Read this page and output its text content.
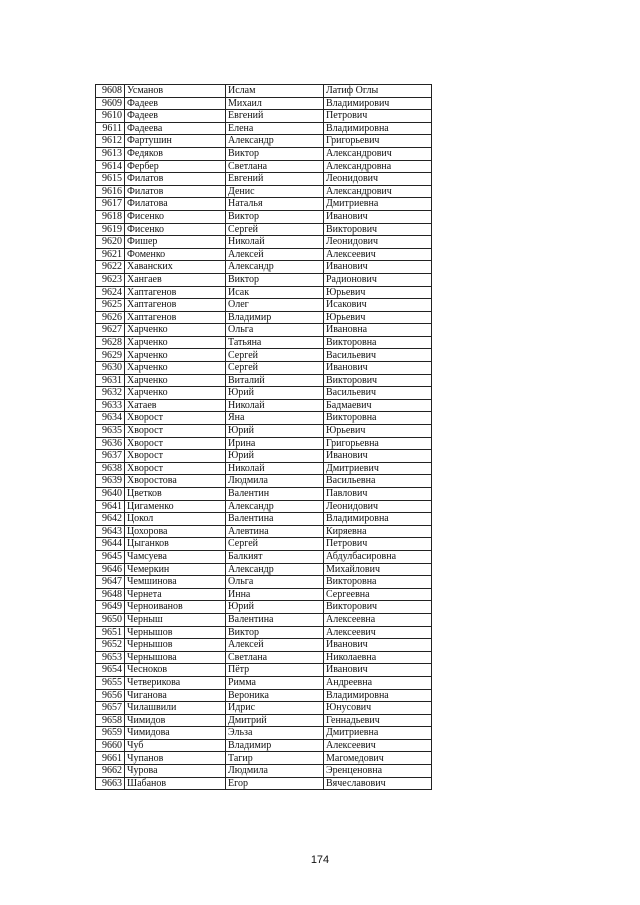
9608	Усманов	Ислам	Латиф Оглы
9609	Фадеев	Михаил	Владимирович
9610	Фадеев	Евгений	Петрович
9611	Фадеева	Елена	Владимировна
9612	Фартушин	Александр	Григорьевич
9613	Федяков	Виктор	Александрович
9614	Фербер	Светлана	Александровна
9615	Филатов	Евгений	Леонидович
9616	Филатов	Денис	Александрович
9617	Филатова	Наталья	Дмитриевна
9618	Фисенко	Виктор	Иванович
9619	Фисенко	Сергей	Викторович
9620	Фишер	Николай	Леонидович
9621	Фоменко	Алексей	Алексеевич
9622	Хаванских	Александр	Иванович
9623	Хангаев	Виктор	Радионович
9624	Хаптагенов	Исак	Юрьевич
9625	Хаптагенов	Олег	Исакович
9626	Хаптагенов	Владимир	Юрьевич
9627	Харченко	Ольга	Ивановна
9628	Харченко	Татьяна	Викторовна
9629	Харченко	Сергей	Васильевич
9630	Харченко	Сергей	Иванович
9631	Харченко	Виталий	Викторович
9632	Харченко	Юрий	Васильевич
9633	Хатаев	Николай	Бадмаевич
9634	Хворост	Яна	Викторовна
9635	Хворост	Юрий	Юрьевич
9636	Хворост	Ирина	Григорьевна
9637	Хворост	Юрий	Иванович
9638	Хворост	Николай	Дмитриевич
9639	Хворостова	Людмила	Васильевна
9640	Цветков	Валентин	Павлович
9641	Цигаменко	Александр	Леонидович
9642	Цокол	Валентина	Владимировна
9643	Цохорова	Алевтина	Киряевна
9644	Цыганков	Сергей	Петрович
9645	Чамсуева	Балкият	Абдулбасировна
9646	Чемеркин	Александр	Михайлович
9647	Чемшинова	Ольга	Викторовна
9648	Чернета	Инна	Сергеевна
9649	Черноиванов	Юрий	Викторович
9650	Черныш	Валентина	Алексеевна
9651	Чернышов	Виктор	Алексеевич
9652	Чернышов	Алексей	Иванович
9653	Чернышова	Светлана	Николаевна
9654	Чесноков	Пётр	Иванович
9655	Четверикова	Римма	Андреевна
9656	Чиганова	Вероника	Владимировна
9657	Чилашвили	Идрис	Юнусович
9658	Чимидов	Дмитрий	Геннадьевич
9659	Чимидова	Эльза	Дмитриевна
9660	Чуб	Владимир	Алексеевич
9661	Чупанов	Тагир	Магомедович
9662	Чурова	Людмила	Эренценовна
9663	Шабанов	Егор	Вячеславович
174
